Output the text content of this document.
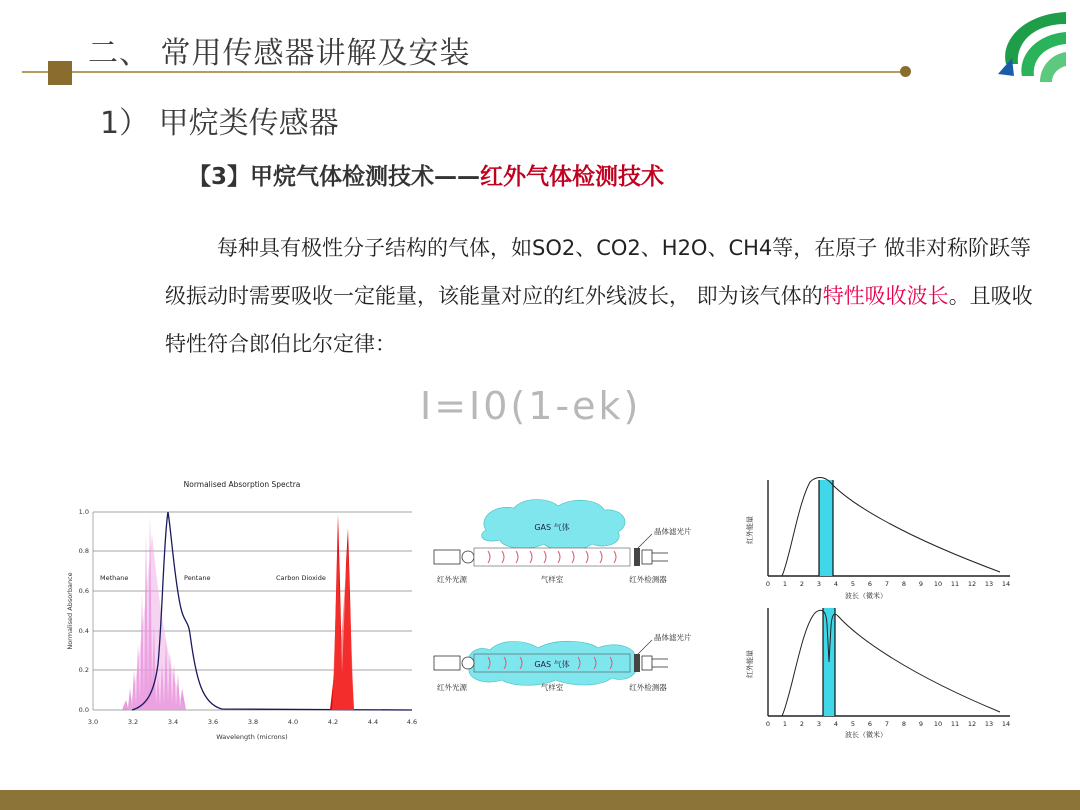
二、 常用传感器讲解及安装
1） 甲烷类传感器
【3】甲烷气体检测技术——红外气体检测技术
每种具有极性分子结构的气体，如SO2、CO2、H2O、CH4等，在原子 做非对称阶跃等级振动时需要吸收一定能量，该能量对应的红外线波长， 即为该气体的特性吸收波长。且吸收特性符合郎伯比尔定律：
I=I0(1-ek)
Normalised Absorption Spectra
0.0
0.2
0.4
0.6
0.8
1.0
3.0	3.2	3.4	3.6	3.8	4.0	4.2	4.4	4.6
Wavelength (microns)
Normalised Absorbance	Methane	Pentane	Carbon Dioxide
GAS 气体	晶体滤光片
红外光源	气样室	红外检测器
GAS 气体
晶体滤光片
红外光源	气样室	红外检测器
红外能量
0 1 2 3 4 5 6 7 8 9 10 11 12 13 14
波长（微米）
红外能量
0 1 2 3 4 5 6 7 8 9 10 11 12 13 14
波长（微米）
